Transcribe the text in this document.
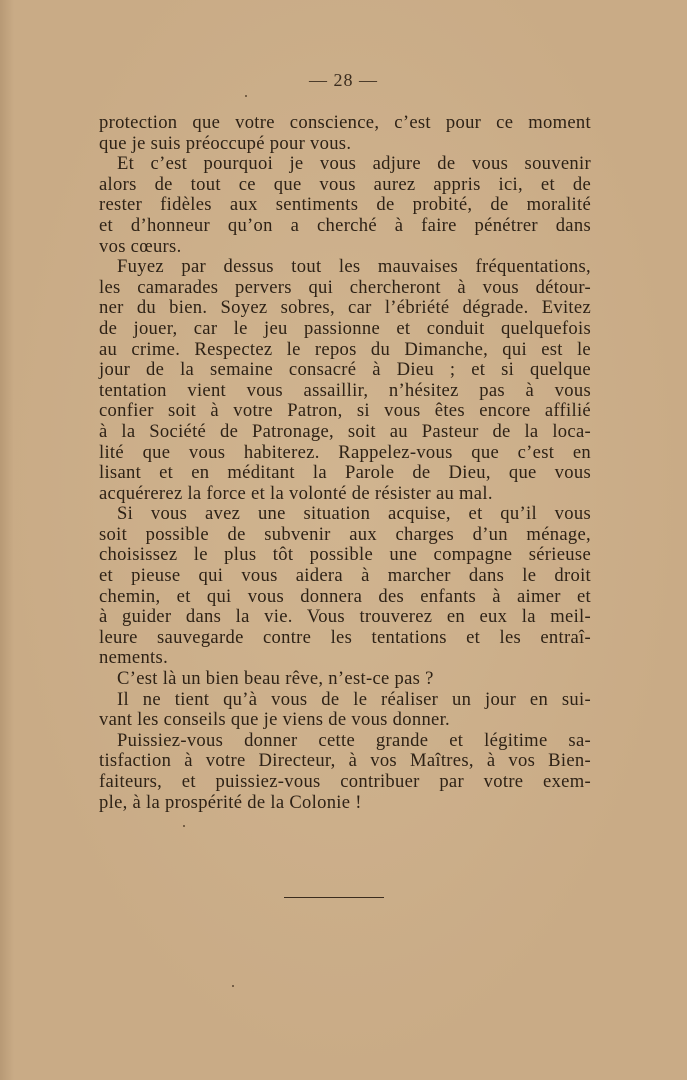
— 28 —
protection que votre conscience, c’est pour ce moment
que je suis préoccupé pour vous.
Et c’est pourquoi je vous adjure de vous souvenir
alors de tout ce que vous aurez appris ici, et de
rester fidèles aux sentiments de probité, de moralité
et d’honneur qu’on a cherché à faire pénétrer dans
vos cœurs.
Fuyez par dessus tout les mauvaises fréquentations,
les camarades pervers qui chercheront à vous détour-
ner du bien. Soyez sobres, car l’ébriété dégrade. Evitez
de jouer, car le jeu passionne et conduit quelquefois
au crime. Respectez le repos du Dimanche, qui est le
jour de la semaine consacré à Dieu ; et si quelque
tentation vient vous assaillir, n’hésitez pas à vous
confier soit à votre Patron, si vous êtes encore affilié
à la Société de Patronage, soit au Pasteur de la loca-
lité que vous habiterez. Rappelez-vous que c’est en
lisant et en méditant la Parole de Dieu, que vous
acquérerez la force et la volonté de résister au mal.
Si vous avez une situation acquise, et qu’il vous
soit possible de subvenir aux charges d’un ménage,
choisissez le plus tôt possible une compagne sérieuse
et pieuse qui vous aidera à marcher dans le droit
chemin, et qui vous donnera des enfants à aimer et
à guider dans la vie. Vous trouverez en eux la meil-
leure sauvegarde contre les tentations et les entraî-
nements.
C’est là un bien beau rêve, n’est-ce pas ?
Il ne tient qu’à vous de le réaliser un jour en sui-
vant les conseils que je viens de vous donner.
Puissiez-vous donner cette grande et légitime sa-
tisfaction à votre Directeur, à vos Maîtres, à vos Bien-
faiteurs, et puissiez-vous contribuer par votre exem-
ple, à la prospérité de la Colonie !
